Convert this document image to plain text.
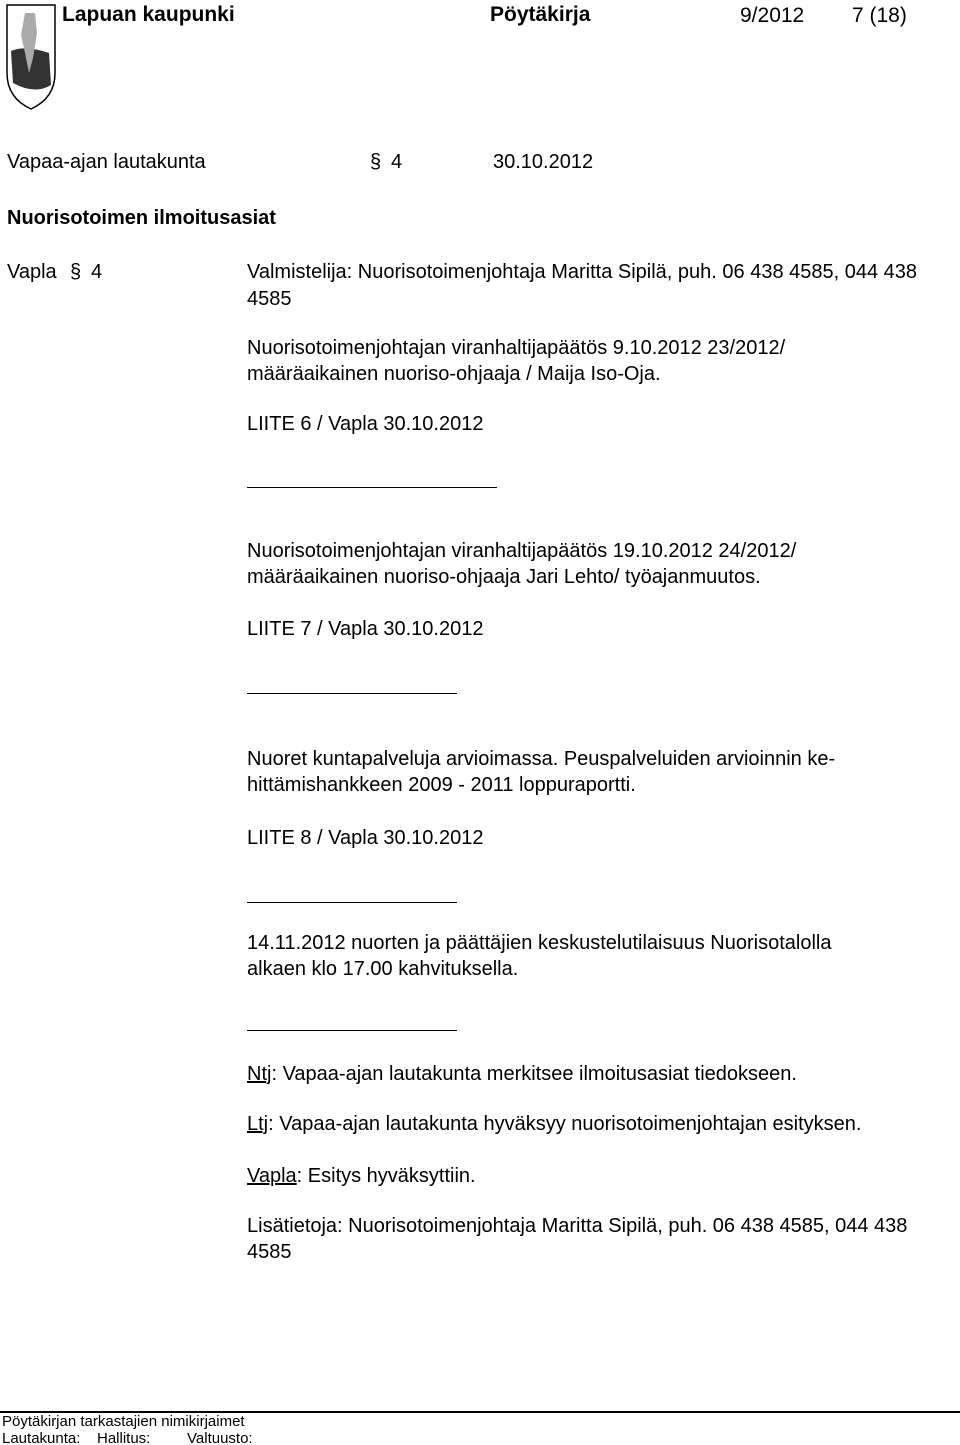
Lapuan kaupunki	Pöytäkirja	9/2012 7 (18)
Vapaa-ajan lautakunta	§ 4	30.10.2012
Nuorisotoimen ilmoitusasiat
Vapla § 4	Valmistelija: Nuorisotoimenjohtaja Maritta Sipilä, puh. 06 438 4585, 044 438
4585
Nuorisotoimenjohtajan viranhaltijapäätös 9.10.2012 23/2012/
määräaikainen nuoriso-ohjaaja / Maija Iso-Oja.
LIITE 6 / Vapla 30.10.2012
Nuorisotoimenjohtajan viranhaltijapäätös 19.10.2012 24/2012/
määräaikainen nuoriso-ohjaaja Jari Lehto/ työajanmuutos.
LIITE 7 / Vapla 30.10.2012
Nuoret kuntapalveluja arvioimassa. Peuspalveluiden arvioinnin ke-
hittämishankkeen 2009 - 2011 loppuraportti.
LIITE 8 / Vapla 30.10.2012
14.11.2012 nuorten ja päättäjien keskustelutilaisuus Nuorisotalolla
alkaen klo 17.00 kahvituksella.
Ntj: Vapaa-ajan lautakunta merkitsee ilmoitusasiat tiedokseen.
Ltj: Vapaa-ajan lautakunta hyväksyy nuorisotoimenjohtajan esityksen.
Vapla: Esitys hyväksyttiin.
Lisätietoja: Nuorisotoimenjohtaja Maritta Sipilä, puh. 06 438 4585, 044 438
4585
Pöytäkirjan tarkastajien nimikirjaimet
Lautakunta: Hallitus: Valtuusto:
